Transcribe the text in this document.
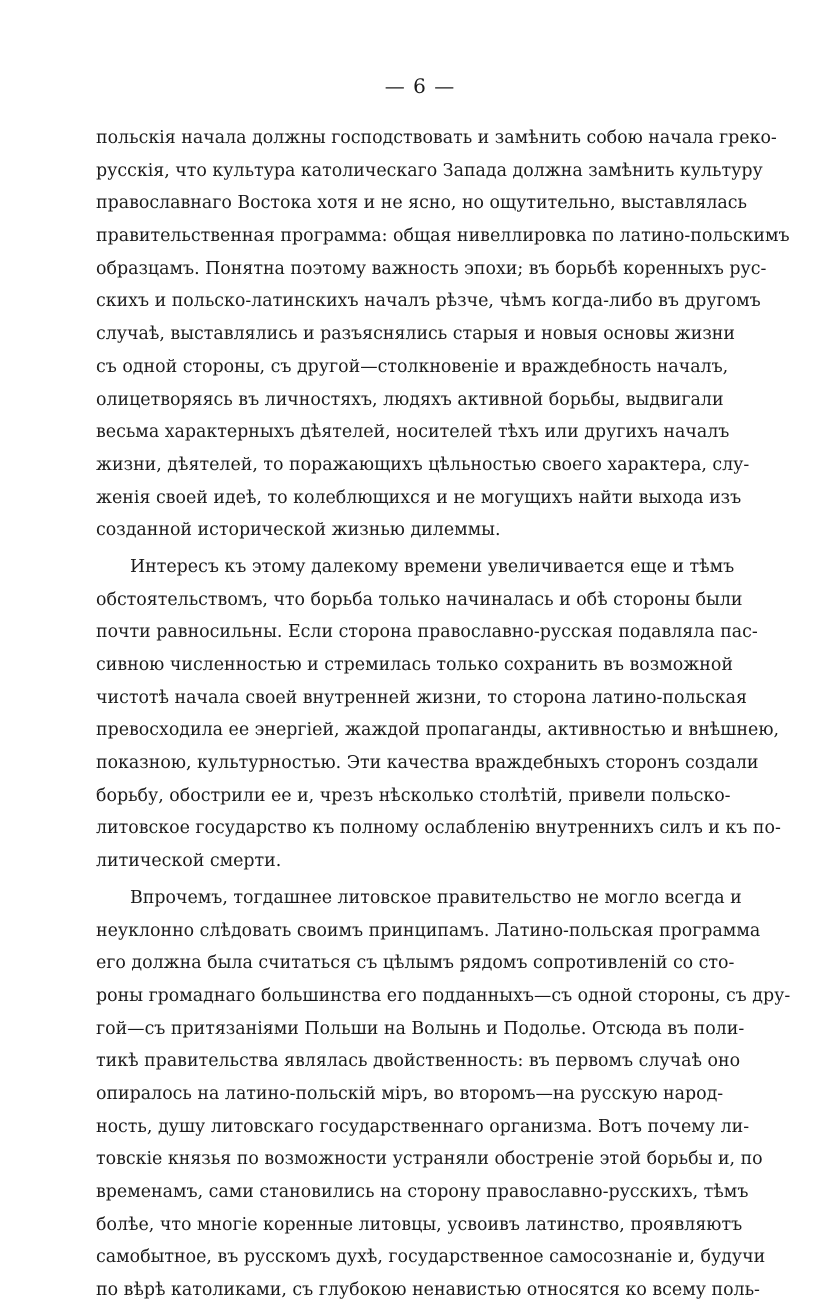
— 6 —
польскія начала должны господствовать и замѣнить собою начала греко-
русскія, что культура католическаго Запада должна замѣнить культуру
православнаго Востока хотя и не ясно, но ощутительно, выставлялась
правительственная программа: общая нивеллировка по латино-польскимъ
образцамъ. Понятна поэтому важность эпохи; въ борьбѣ коренныхъ рус-
скихъ и польско-латинскихъ началъ рѣзче, чѣмъ когда-либо въ другомъ
случаѣ, выставлялись и разъяснялись старыя и новыя основы жизни
съ одной стороны, съ другой—столкновеніе и враждебность началъ,
олицетворяясь въ личностяхъ, людяхъ активной борьбы, выдвигали
весьма характерныхъ дѣятелей, носителей тѣхъ или другихъ началъ
жизни, дѣятелей, то поражающихъ цѣльностью своего характера, слу-
женія своей идеѣ, то колеблющихся и не могущихъ найти выхода изъ
созданной исторической жизнью дилеммы.
Интересъ къ этому далекому времени увеличивается еще и тѣмъ
обстоятельствомъ, что борьба только начиналась и обѣ стороны были
почти равносильны. Если сторона православно-русская подавляла пас-
сивною численностью и стремилась только сохранить въ возможной
чистотѣ начала своей внутренней жизни, то сторона латино-польская
превосходила ее энергіей, жаждой пропаганды, активностью и внѣшнею,
показною, культурностью. Эти качества враждебныхъ сторонъ создали
борьбу, обострили ее и, чрезъ нѣсколько столѣтій, привели польско-
литовское государство къ полному ослабленію внутреннихъ силъ и къ по-
литической смерти.
Впрочемъ, тогдашнее литовское правительство не могло всегда и
неуклонно слѣдовать своимъ принципамъ. Латино-польская программа
его должна была считаться съ цѣлымъ рядомъ сопротивленій со сто-
роны громаднаго большинства его подданныхъ—съ одной стороны, съ дру-
гой—съ притязаніями Польши на Волынь и Подолье. Отсюда въ поли-
тикѣ правительства являлась двойственность: въ первомъ случаѣ оно
опиралось на латино-польскій міръ, во второмъ—на русскую народ-
ность, душу литовскаго государственнаго организма. Вотъ почему ли-
товскіе князья по возможности устраняли обостреніе этой борьбы и, по
временамъ, сами становились на сторону православно-русскихъ, тѣмъ
болѣе, что многіе коренные литовцы, усвоивъ латинство, проявляютъ
самобытное, въ русскомъ духѣ, государственное самосознаніе и, будучи
по вѣрѣ католиками, съ глубокою ненавистью относятся ко всему поль-
